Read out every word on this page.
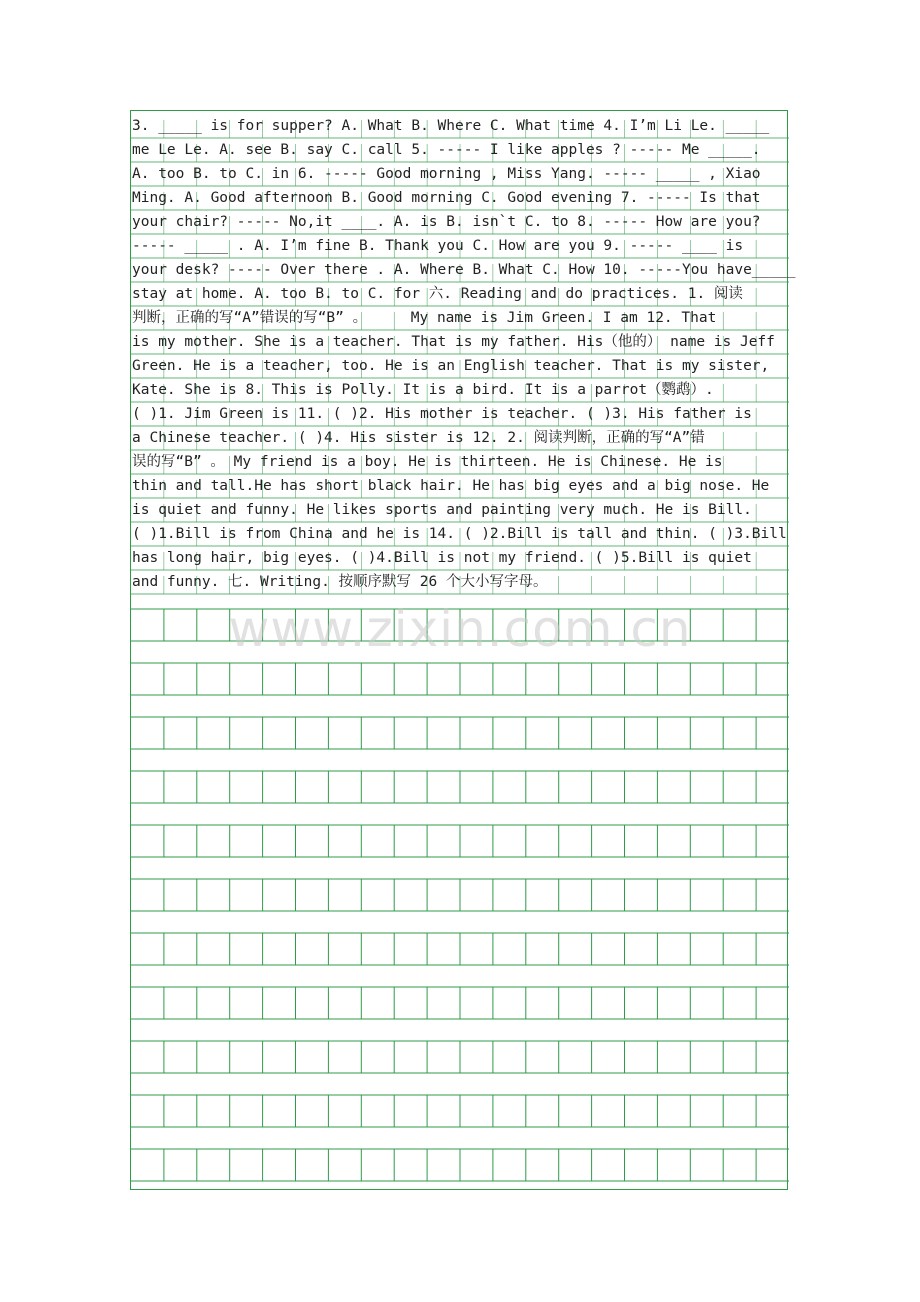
3. _____ is for supper? A. What B. Where C. What time 4. I’m Li Le. _____
me Le Le. A. see B. say C. call 5. ----- I like apples ? ----- Me _____.
A. too B. to C. in 6. ----- Good morning , Miss Yang. ----- _____ , Xiao
Ming. A. Good afternoon B. Good morning C. Good evening 7. ----- Is that
your chair? ----- No,it ____. A. is B. isn`t C. to 8. ----- How are you?
----- _____ . A. I’m fine B. Thank you C. How are you 9. ----- ____ is
your desk? ----- Over there . A. Where B. What C. How 10. -----You have_____
stay at home. A. too B. to C. for 六. Reading and do practices. 1. 阅读
判断，正确的写“A”错误的写“B” 。     My name is Jim Green. I am 12. That
is my mother. She is a teacher. That is my father. His（他的） name is Jeff
Green. He is a teacher, too. He is an English teacher. That is my sister,
Kate. She is 8. This is Polly. It is a bird. It is a parrot（鹦鹉）.
( )1. Jim Green is 11. ( )2. His mother is teacher. ( )3. His father is
a Chinese teacher. ( )4. His sister is 12. 2. 阅读判断，正确的写“A”错
误的写“B” 。 My friend is a boy. He is thirteen. He is Chinese. He is
thin and tall.He has short black hair. He has big eyes and a big nose. He
is quiet and funny. He likes sports and painting very much. He is Bill.
( )1.Bill is from China and he is 14. ( )2.Bill is tall and thin. ( )3.Bill
has long hair, big eyes. ( )4.Bill is not my friend. ( )5.Bill is quiet
and funny. 七. Writing. 按顺序默写 26 个大小写字母。
www.zixin.com.cn
